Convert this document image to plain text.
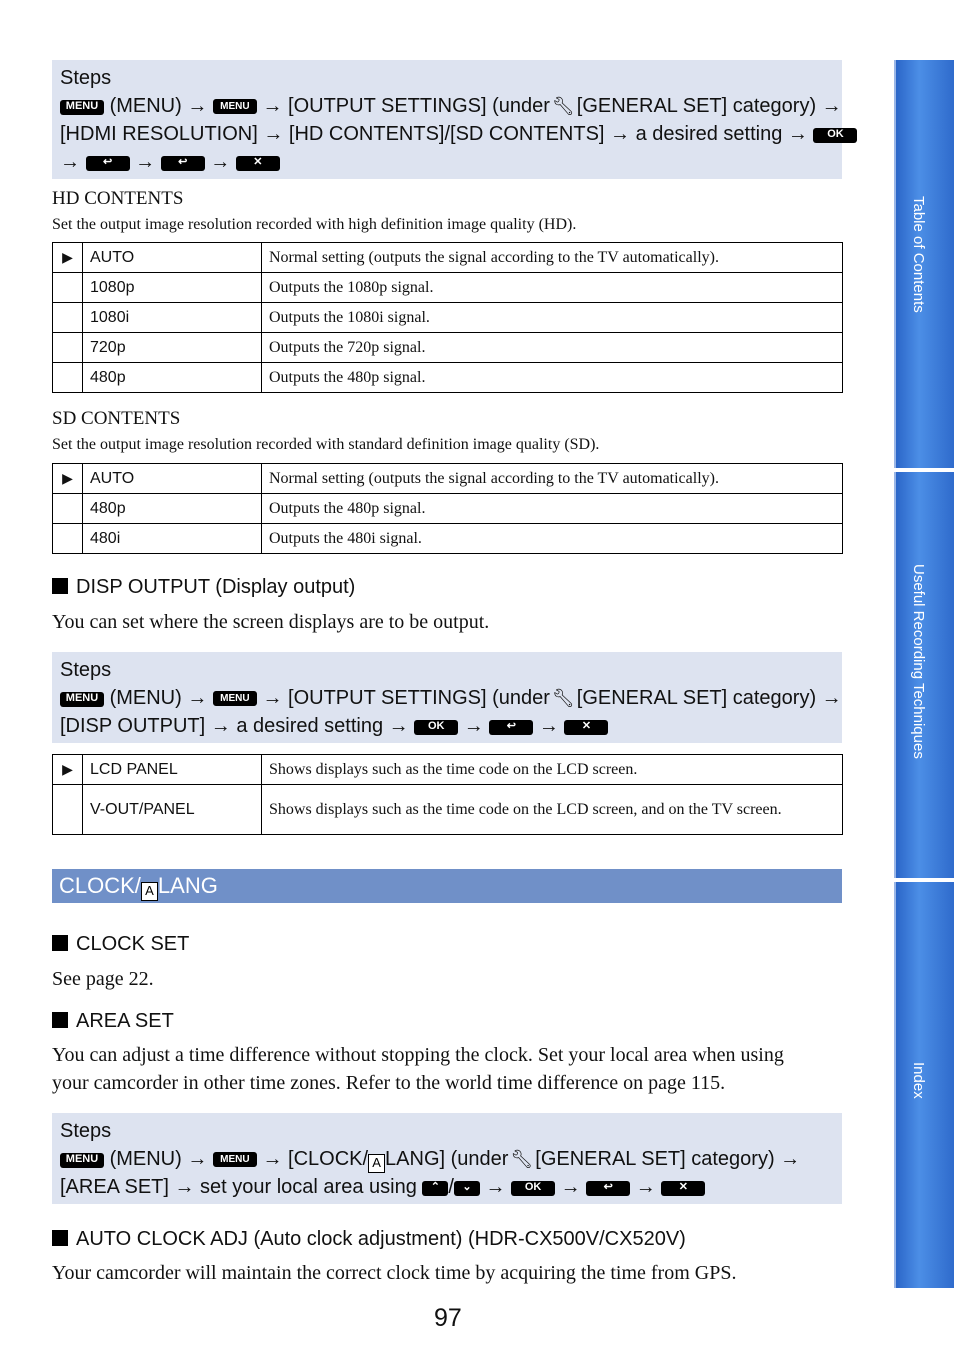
Steps
MENU (MENU) → MENU → [OUTPUT SETTINGS] (under 🔧︎ [GENERAL SET] category) →
[HDMI RESOLUTION] → [HD CONTENTS]/[SD CONTENTS] → a desired setting → OK
→ ↩ → ↩ → ✕
HD CONTENTS
Set the output image resolution recorded with high definition image quality (HD).
▶	AUTO	Normal setting (outputs the signal according to the TV automatically).
	1080p	Outputs the 1080p signal.
	1080i	Outputs the 1080i signal.
	720p	Outputs the 720p signal.
	480p	Outputs the 480p signal.
SD CONTENTS
Set the output image resolution recorded with standard definition image quality (SD).
▶	AUTO	Normal setting (outputs the signal according to the TV automatically).
	480p	Outputs the 480p signal.
	480i	Outputs the 480i signal.
DISP OUTPUT (Display output)
You can set where the screen displays are to be output.
Steps
MENU (MENU) → MENU → [OUTPUT SETTINGS] (under 🔧︎ [GENERAL SET] category) →
[DISP OUTPUT] → a desired setting → OK → ↩ → ✕
▶	LCD PANEL	Shows displays such as the time code on the LCD screen.
	V-OUT/PANEL	Shows displays such as the time code on the LCD screen, and on the TV screen.
CLOCK/ A LANG
CLOCK SET
See page 22.
AREA SET
You can adjust a time difference without stopping the clock. Set your local area when using
your camcorder in other time zones. Refer to the world time difference on page 115.
Steps
MENU (MENU) → MENU → [CLOCK/ A LANG] (under 🔧︎ [GENERAL SET] category) →
[AREA SET] → set your local area using ⌃ / ⌄ → OK → ↩ → ✕
AUTO CLOCK ADJ (Auto clock adjustment) (HDR-CX500V/CX520V)
Your camcorder will maintain the correct clock time by acquiring the time from GPS.
97
Table of Contents
Useful Recording Techniques
Index
